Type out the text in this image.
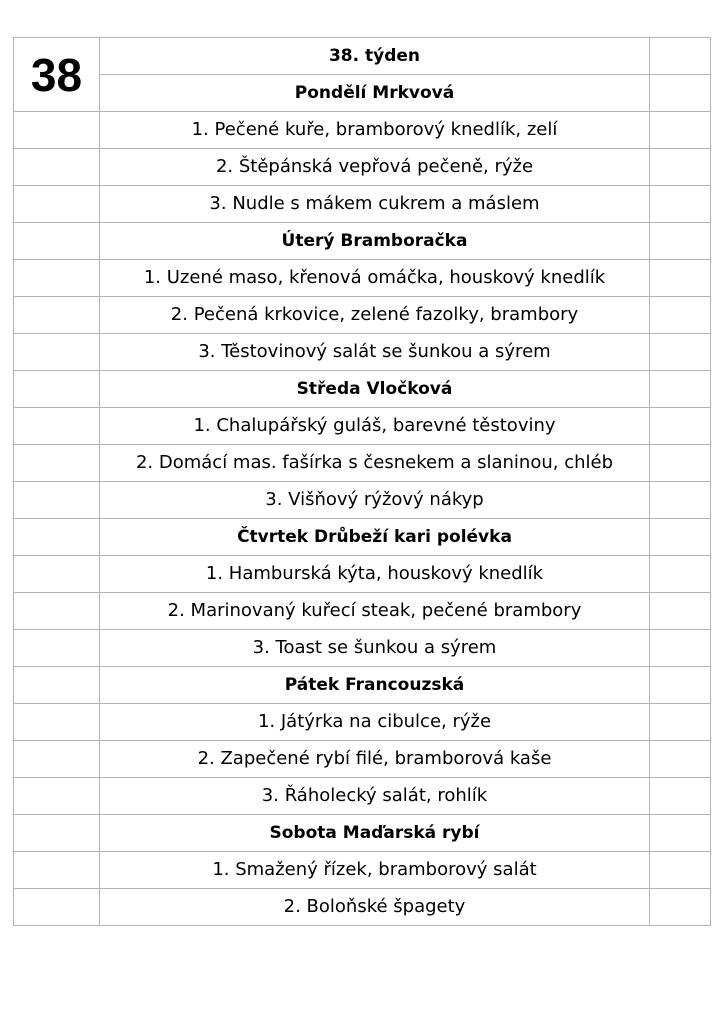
38	38. týden	
	Pondělí Mrkvová	
	1. Pečené kuře, bramborový knedlík, zelí	
	2. Štěpánská vepřová pečeně, rýže	
	3. Nudle s mákem cukrem a máslem	
	Úterý Bramboračka	
	1. Uzené maso, křenová omáčka, houskový knedlík	
	2. Pečená krkovice, zelené fazolky, brambory	
	3. Těstovinový salát se šunkou a sýrem	
	Středa Vločková	
	1. Chalupářský guláš, barevné těstoviny	
	2. Domácí mas. fašírka s česnekem a slaninou, chléb	
	3. Višňový rýžový nákyp	
	Čtvrtek Drůbeží kari polévka	
	1. Hamburská kýta, houskový knedlík	
	2. Marinovaný kuřecí steak, pečené brambory	
	3. Toast se šunkou a sýrem	
	Pátek Francouzská	
	1. Játýrka na cibulce, rýže	
	2. Zapečené rybí filé, bramborová kaše	
	3. Řáholecký salát, rohlík	
	Sobota Maďarská rybí	
	1. Smažený řízek, bramborový salát	
	2. Boloňské špagety	
